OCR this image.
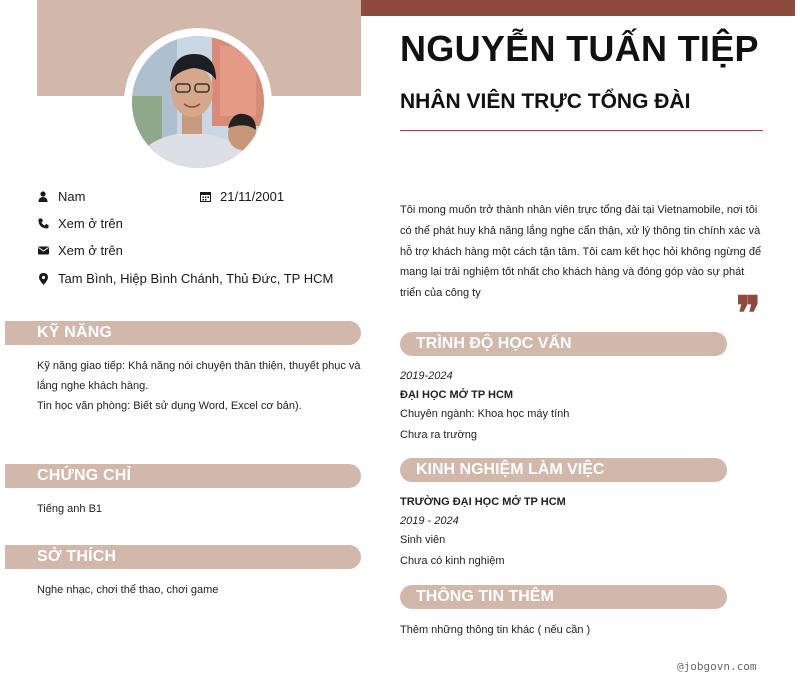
Nam	21/11/2001
Xem ở trên
Xem ở trên
Tam Bình, Hiệp Bình Chánh, Thủ Đức, TP HCM
KỸ NĂNG
Kỹ năng giao tiếp: Khả năng nói chuyện thân thiện, thuyết phục và
lắng nghe khách hàng.
Tin học văn phòng: Biết sử dụng Word, Excel cơ bản).
CHỨNG CHỈ
Tiếng anh B1
SỞ THÍCH
Nghe nhạc, chơi thể thao, chơi game
NGUYỄN TUẤN TIỆP
NHÂN VIÊN TRỰC TỔNG ĐÀI
Tôi mong muốn trở thành nhân viên trực tổng đài tại Vietnamobile, nơi tôi có thể phát huy khả năng lắng nghe cẩn thận, xử lý thông tin chính xác và hỗ trợ khách hàng một cách tận tâm. Tôi cam kết học hỏi không ngừng để mang lại trải nghiệm tốt nhất cho khách hàng và đóng góp vào sự phát triển của công ty	❞
TRÌNH ĐỘ HỌC VẤN
2019-2024
ĐẠI HỌC MỞ TP HCM
Chuyên ngành: Khoa học máy tính
Chưa ra trường
KINH NGHIỆM LÀM VIỆC
TRƯỜNG ĐẠI HỌC MỞ TP HCM
2019 - 2024
Sinh viên
Chưa có kinh nghiệm
THÔNG TIN THÊM
Thêm những thông tin khác ( nếu cần )
@jobgovn.com
